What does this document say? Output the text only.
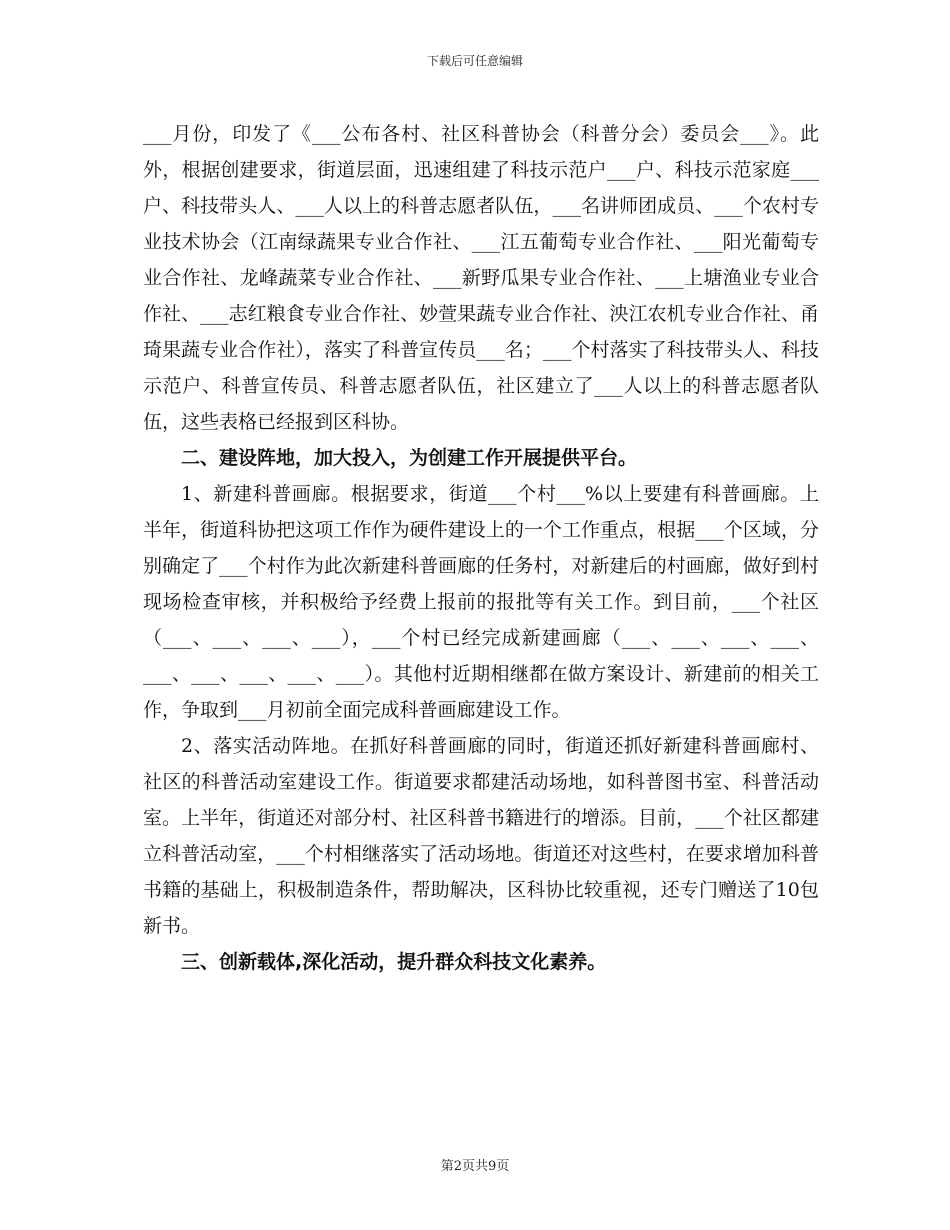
下载后可任意编辑

___月份，印发了《___公布各村、社区科普协会（科普分会）委员会___》。此外，根据创建要求，街道层面，迅速组建了科技示范户___户、科技示范家庭___户、科技带头人、___人以上的科普志愿者队伍，___名讲师团成员、___个农村专业技术协会（江南绿蔬果专业合作社、___江五葡萄专业合作社、___阳光葡萄专业合作社、龙峰蔬菜专业合作社、___新野瓜果专业合作社、___上塘渔业专业合作社、___志红粮食专业合作社、妙萱果蔬专业合作社、泱江农机专业合作社、甬琦果蔬专业合作社），落实了科普宣传员___名；___个村落实了科技带头人、科技示范户、科普宣传员、科普志愿者队伍，社区建立了___人以上的科普志愿者队伍，这些表格已经报到区科协。

二、建设阵地，加大投入，为创建工作开展提供平台。

1、新建科普画廊。根据要求，街道___个村___%以上要建有科普画廊。上半年，街道科协把这项工作作为硬件建设上的一个工作重点，根据___个区域，分别确定了___个村作为此次新建科普画廊的任务村，对新建后的村画廊，做好到村现场检查审核，并积极给予经费上报前的报批等有关工作。到目前，___个社区（___、___、___、___），___个村已经完成新建画廊（___、___、___、___、___、___、___、___、___）。其他村近期相继都在做方案设计、新建前的相关工作，争取到___月初前全面完成科普画廊建设工作。

2、落实活动阵地。在抓好科普画廊的同时，街道还抓好新建科普画廊村、社区的科普活动室建设工作。街道要求都建活动场地，如科普图书室、科普活动室。上半年，街道还对部分村、社区科普书籍进行的增添。目前，___个社区都建立科普活动室，___个村相继落实了活动场地。街道还对这些村，在要求增加科普书籍的基础上，积极制造条件，帮助解决，区科协比较重视，还专门赠送了10包新书。

三、创新载体,深化活动，提升群众科技文化素养。
第2页共9页
